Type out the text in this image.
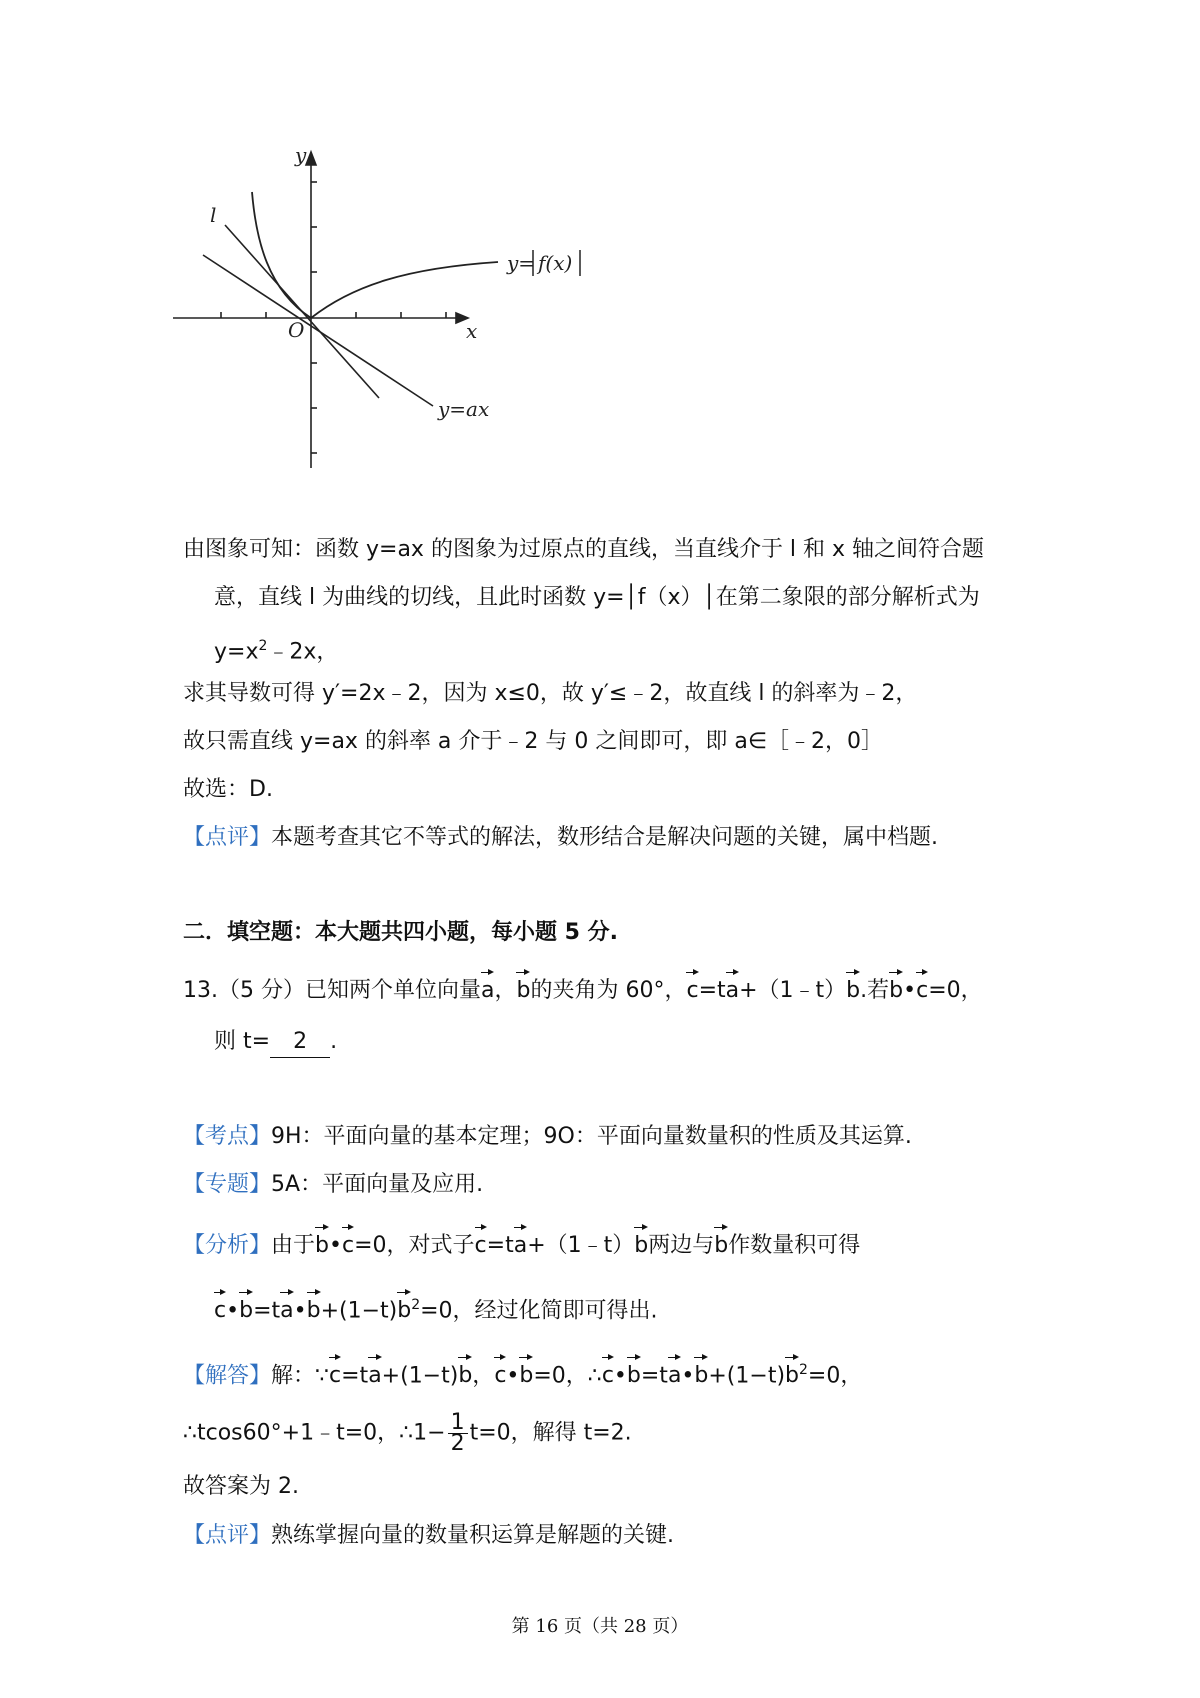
y
x
O
l
y= f(x)
y=ax
由图象可知：函数 y=ax 的图象为过原点的直线，当直线介于 l 和 x 轴之间符合题
意，直线 l 为曲线的切线，且此时函数 y=│f（x）│在第二象限的部分解析式为
$y=x^2﹣2x$，
求其导数可得 y′=2x﹣2，因为 x≤0，故 y′≤﹣2，故直线 l 的斜率为﹣2，
故只需直线 y=ax 的斜率 a 介于﹣2 与 0 之间即可，即 a∈［﹣2，0］
故选：D.
【点评】本题考查其它不等式的解法，数形结合是解决问题的关键，属中档题.
二．填空题：本大题共四小题，每小题 5 分.
13.（5 分）已知两个单位向量a，b的夹角为 60°，c=ta+（1﹣t）b.若b•c=0，
则 t= 2 .
【考点】9H：平面向量的基本定理；9O：平面向量数量积的性质及其运算.
【专题】5A：平面向量及应用.
【分析】由于b•c=0，对式子c=ta+（1﹣t）b两边与b作数量积可得
$c•b=ta•b+(1-t)b^2=0$，经过化简即可得出.
【解答】解：∵c=ta+(1−t)b，c•b=0，$\therefore c•b=ta•b+(1-t)b^2=0$，
∴tcos60°+1﹣t=0，∴1− $\frac{1}{2} t=0$，解得 t=2.
故答案为 2.
【点评】熟练掌握向量的数量积运算是解题的关键.
第 16 页（共 28 页）
